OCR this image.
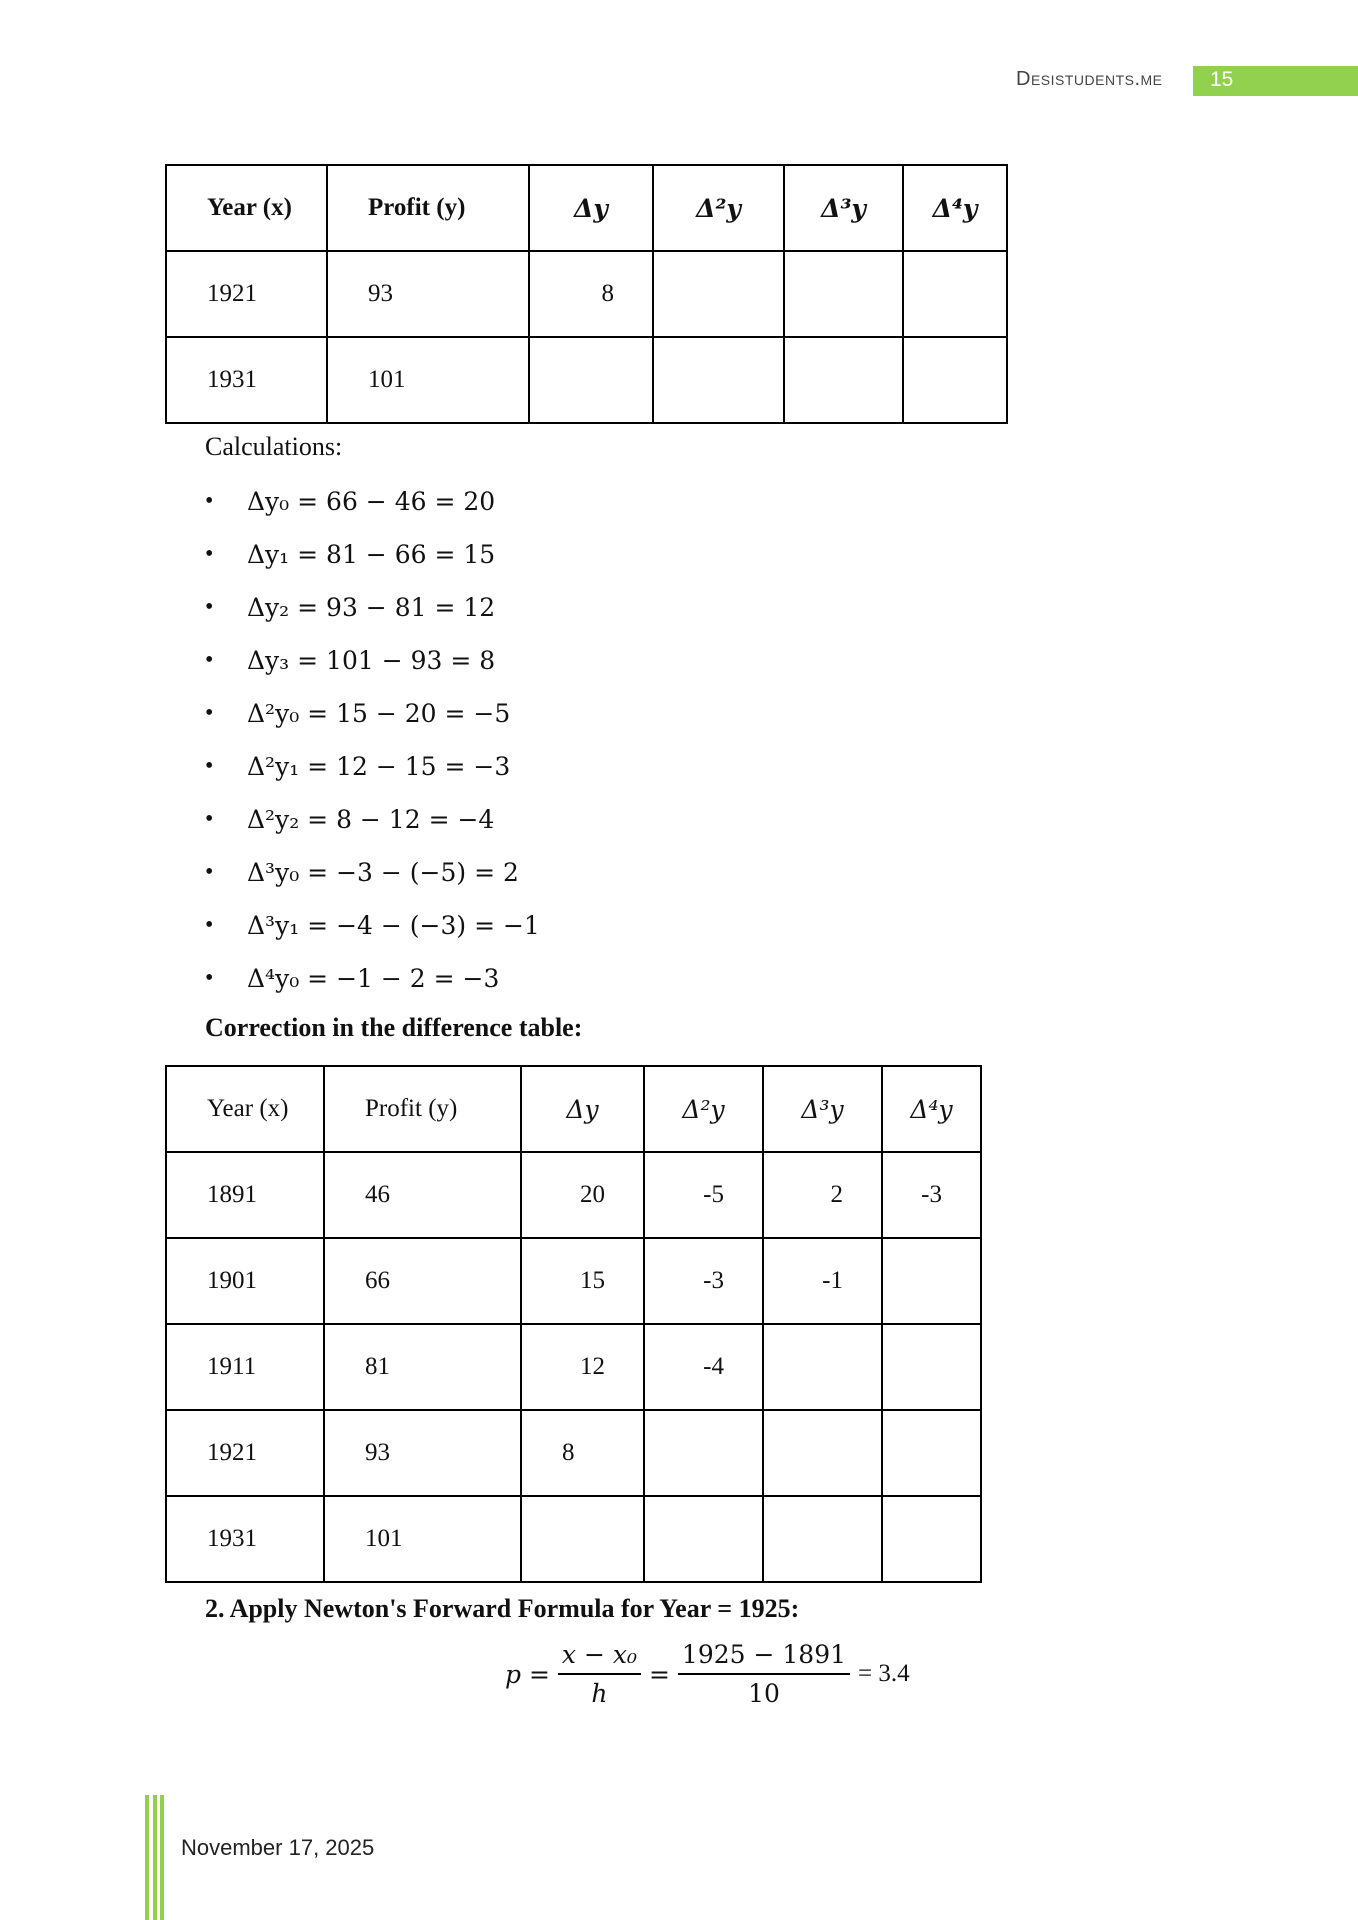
Desistudents.me 15
Year (x)	Profit (y)	Δy	Δ²y	Δ³y	Δ⁴y
1921	93	8			
1931	101				
Calculations:
• Δy₀ = 66 − 46 = 20
• Δy₁ = 81 − 66 = 15
• Δy₂ = 93 − 81 = 12
• Δy₃ = 101 − 93 = 8
• Δ²y₀ = 15 − 20 = −5
• Δ²y₁ = 12 − 15 = −3
• Δ²y₂ = 8 − 12 = −4
• Δ³y₀ = −3 − (−5) = 2
• Δ³y₁ = −4 − (−3) = −1
• Δ⁴y₀ = −1 − 2 = −3
Correction in the difference table:
Year (x)	Profit (y)	Δy	Δ²y	Δ³y	Δ⁴y
1891	46	20	-5	2	-3
1901	66	15	-3	-1	
1911	81	12	-4		
1921	93	8			
1931	101				
2. Apply Newton's Forward Formula for Year = 1925:
$p = \frac{\text{x − x₀}}{h} = \frac{1925 - 1891}{10} = 3.4$
November 17, 2025
